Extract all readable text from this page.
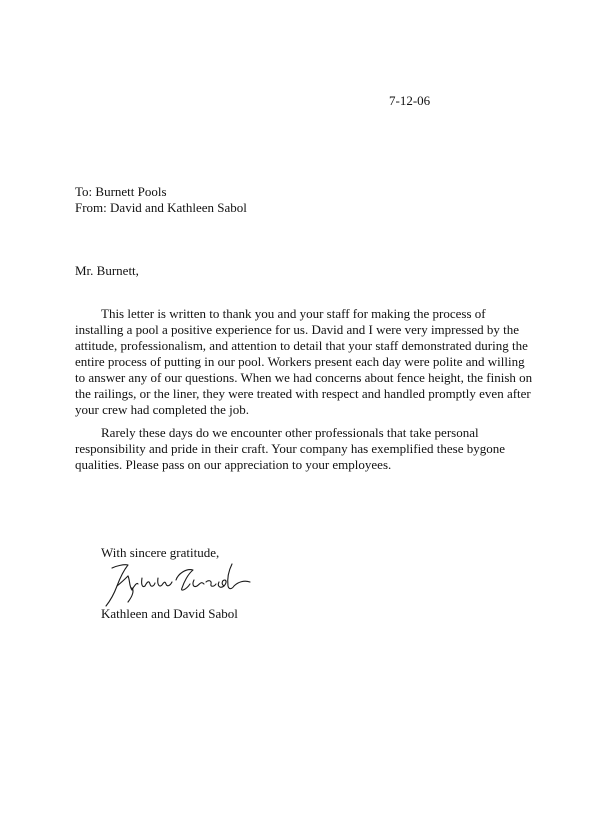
7-12-06
To: Burnett Pools
From: David and Kathleen Sabol
Mr. Burnett,

This letter is written to thank you and your staff for making the process of installing a pool a positive experience for us. David and I were very impressed by the attitude, professionalism, and attention to detail that your staff demonstrated during the entire process of putting in our pool. Workers present each day were polite and willing to answer any of our questions. When we had concerns about fence height, the finish on the railings, or the liner, they were treated with respect and handled promptly even after your crew had completed the job.

Rarely these days do we encounter other professionals that take personal responsibility and pride in their craft. Your company has exemplified these bygone qualities. Please pass on our appreciation to your employees.

With sincere gratitude,
Kathleen and David Sabol
